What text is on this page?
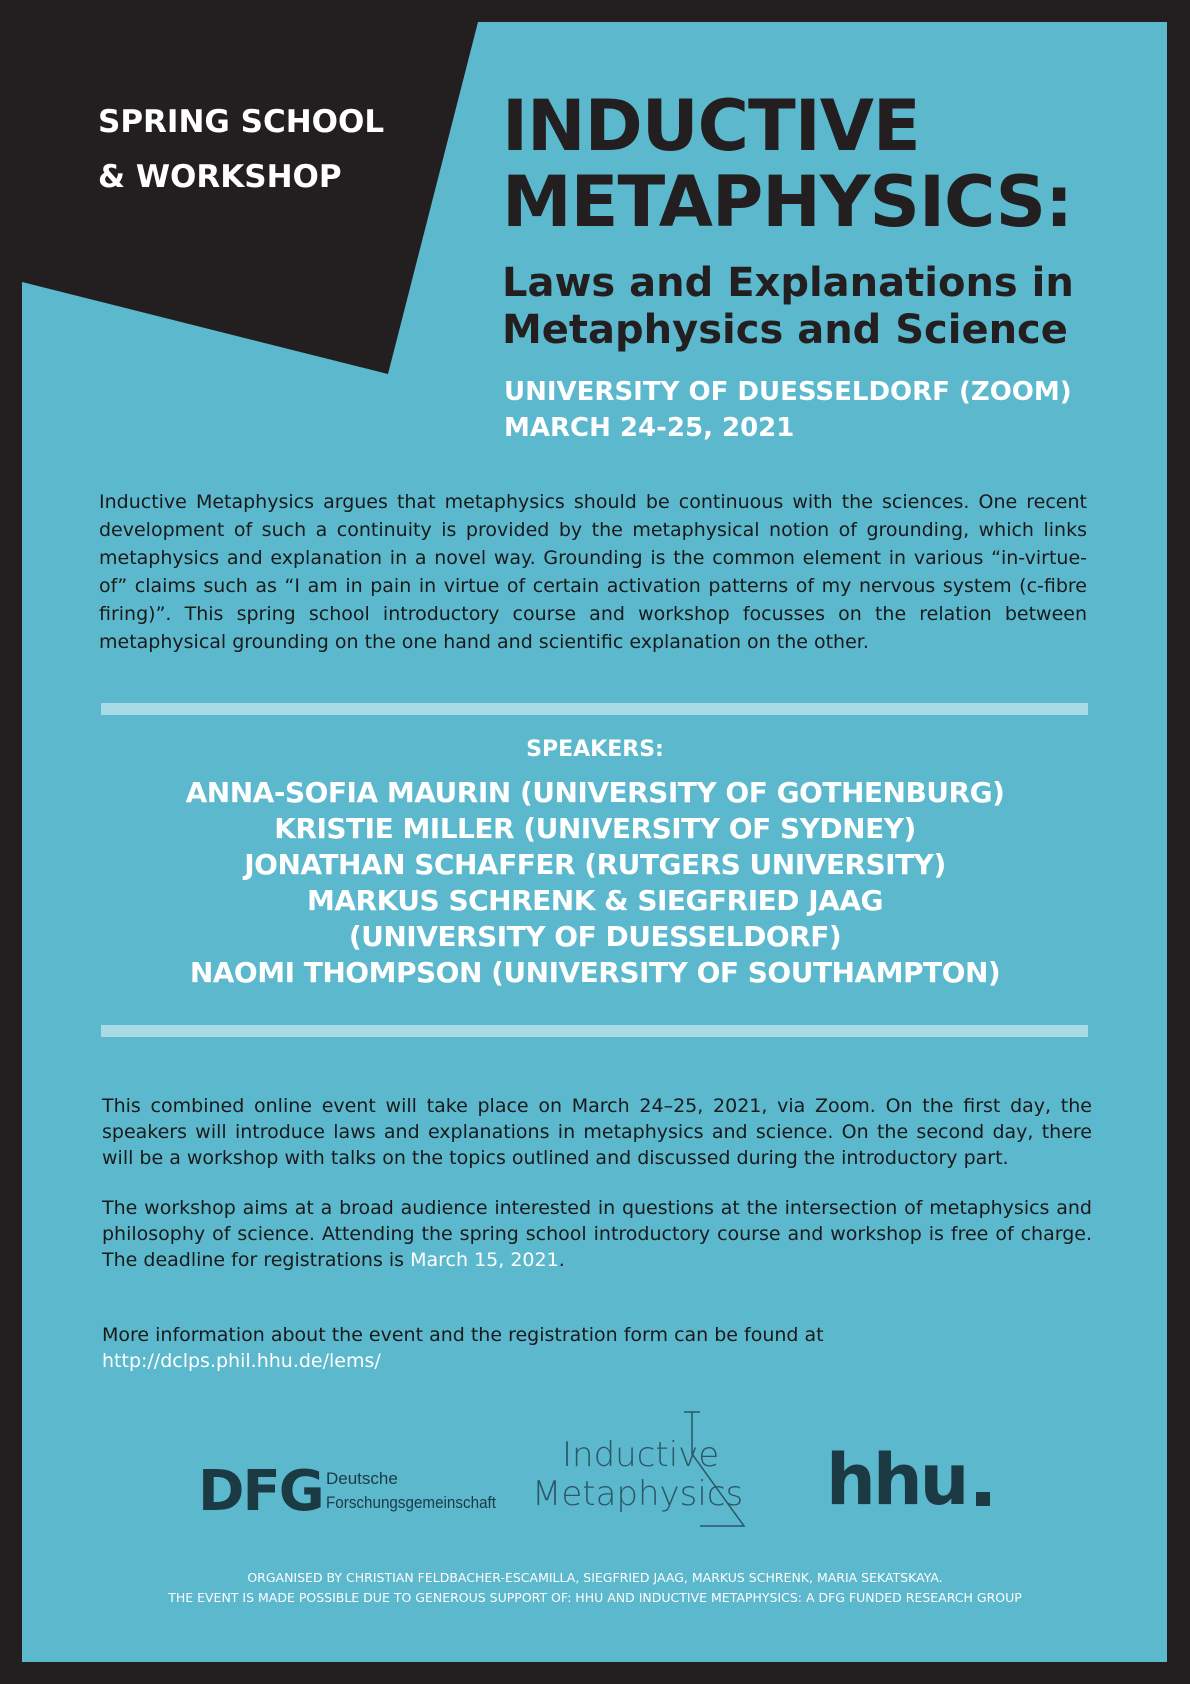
SPRING SCHOOL
& WORKSHOP
INDUCTIVE
METAPHYSICS:
Laws and Explanations in
Metaphysics and Science
UNIVERSITY OF DUESSELDORF (ZOOM)
MARCH 24-25, 2021

Inductive Metaphysics argues that metaphysics should be continuous with the sciences. One recent development of such a continuity is provided by the metaphysical notion of grounding, which links metaphysics and explanation in a novel way. Grounding is the common element in various “in-virtue-of” claims such as “I am in pain in virtue of certain activation patterns of my nervous system (c-fibre firing)”. This spring school introductory course and workshop focusses on the relation between metaphysical grounding on the one hand and scientific explanation on the other.

SPEAKERS:
ANNA-SOFIA MAURIN (UNIVERSITY OF GOTHENBURG)
KRISTIE MILLER (UNIVERSITY OF SYDNEY)
JONATHAN SCHAFFER (RUTGERS UNIVERSITY)
MARKUS SCHRENK & SIEGFRIED JAAG
(UNIVERSITY OF DUESSELDORF)
NAOMI THOMPSON (UNIVERSITY OF SOUTHAMPTON)

This combined online event will take place on March 24–25, 2021, via Zoom. On the first day, the speakers will introduce laws and explanations in metaphysics and science. On the second day, there will be a workshop with talks on the topics outlined and discussed during the introductory part.

The workshop aims at a broad audience interested in questions at the intersection of metaphysics and philosophy of science. Attending the spring school introductory course and workshop is free of charge. The deadline for registrations is March 15, 2021.

More information about the event and the registration form can be found at
http://dclps.phil.hhu.de/lems/

DFG Deutsche
Forschungsgemeinschaft
Inductive
Metaphysics hhu
ORGANISED BY CHRISTIAN FELDBACHER-ESCAMILLA, SIEGFRIED JAAG, MARKUS SCHRENK, MARIA SEKATSKAYA.
THE EVENT IS MADE POSSIBLE DUE TO GENEROUS SUPPORT OF: HHU AND INDUCTIVE METAPHYSICS: A DFG FUNDED RESEARCH GROUP
